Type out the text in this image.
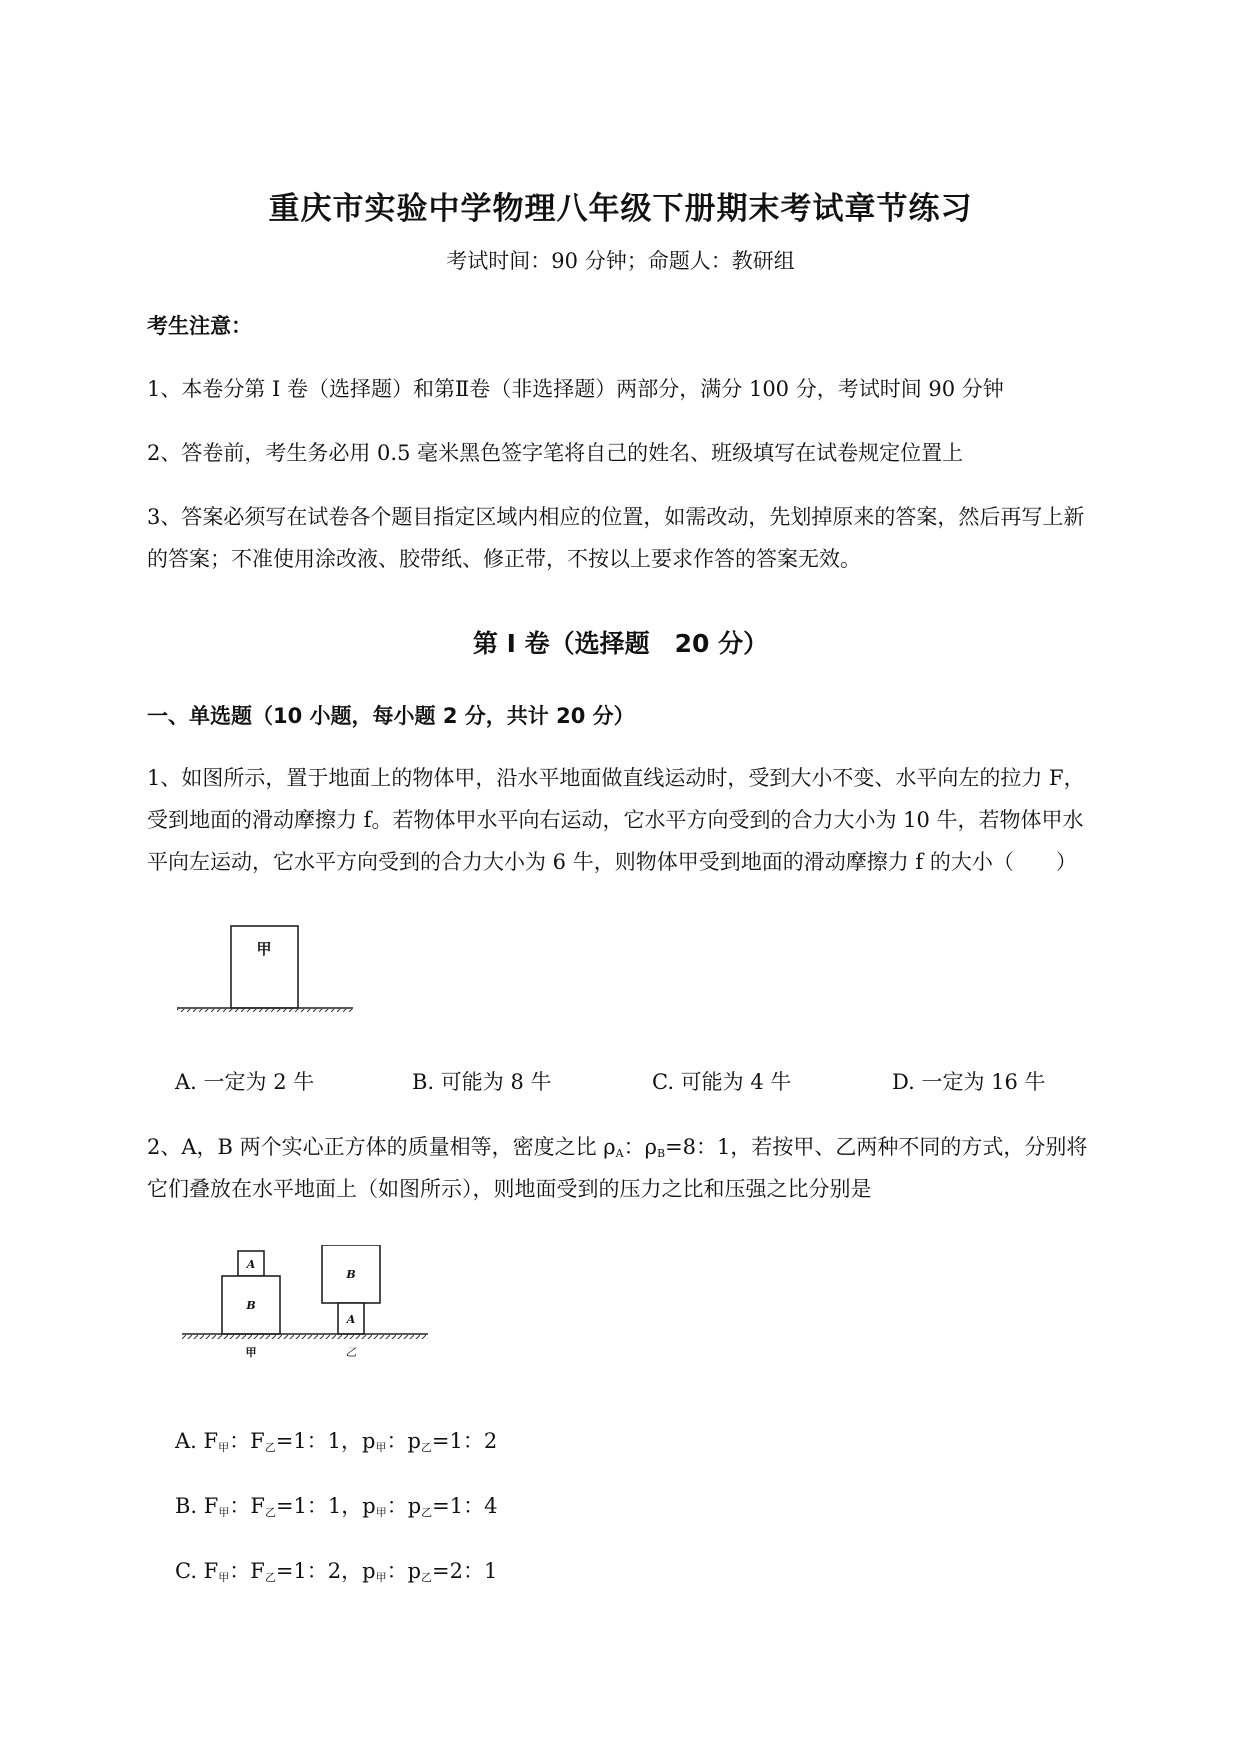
重庆市实验中学物理八年级下册期末考试章节练习
考试时间：90 分钟；命题人：教研组
考生注意：
1、本卷分第 I 卷（选择题）和第Ⅱ卷（非选择题）两部分，满分 100 分，考试时间 90 分钟
2、答卷前，考生务必用 0.5 毫米黑色签字笔将自己的姓名、班级填写在试卷规定位置上
3、答案必须写在试卷各个题目指定区域内相应的位置，如需改动，先划掉原来的答案，然后再写上新
的答案；不准使用涂改液、胶带纸、修正带，不按以上要求作答的答案无效。
第 I 卷（选择题　20 分）
一、单选题（10 小题，每小题 2 分，共计 20 分）
1、如图所示，置于地面上的物体甲，沿水平地面做直线运动时，受到大小不变、水平向左的拉力 F，
受到地面的滑动摩擦力 f。若物体甲水平向右运动，它水平方向受到的合力大小为 10 牛，若物体甲水
平向左运动，它水平方向受到的合力大小为 6 牛，则物体甲受到地面的滑动摩擦力 f 的大小（　　）
甲
A. 一定为 2 牛	B. 可能为 8 牛	C. 可能为 4 牛	D. 一定为 16 牛
2、A，B 两个实心正方体的质量相等，密度之比 $\rho_A$：$\rho_B=8$：1，若按甲、乙两种不同的方式，分别将
它们叠放在水平地面上（如图所示），则地面受到的压力之比和压强之比分别是
A
B
B
A
甲	乙
A. $F_甲$：$F_乙=1$：1，$p_甲$：$p_乙=1$：2
B. $F_甲$：$F_乙=1$：1，$p_甲$：$p_乙=1$：4
C. $F_甲$：$F_乙=1$：2，$p_甲$：$p_乙=2$：1
